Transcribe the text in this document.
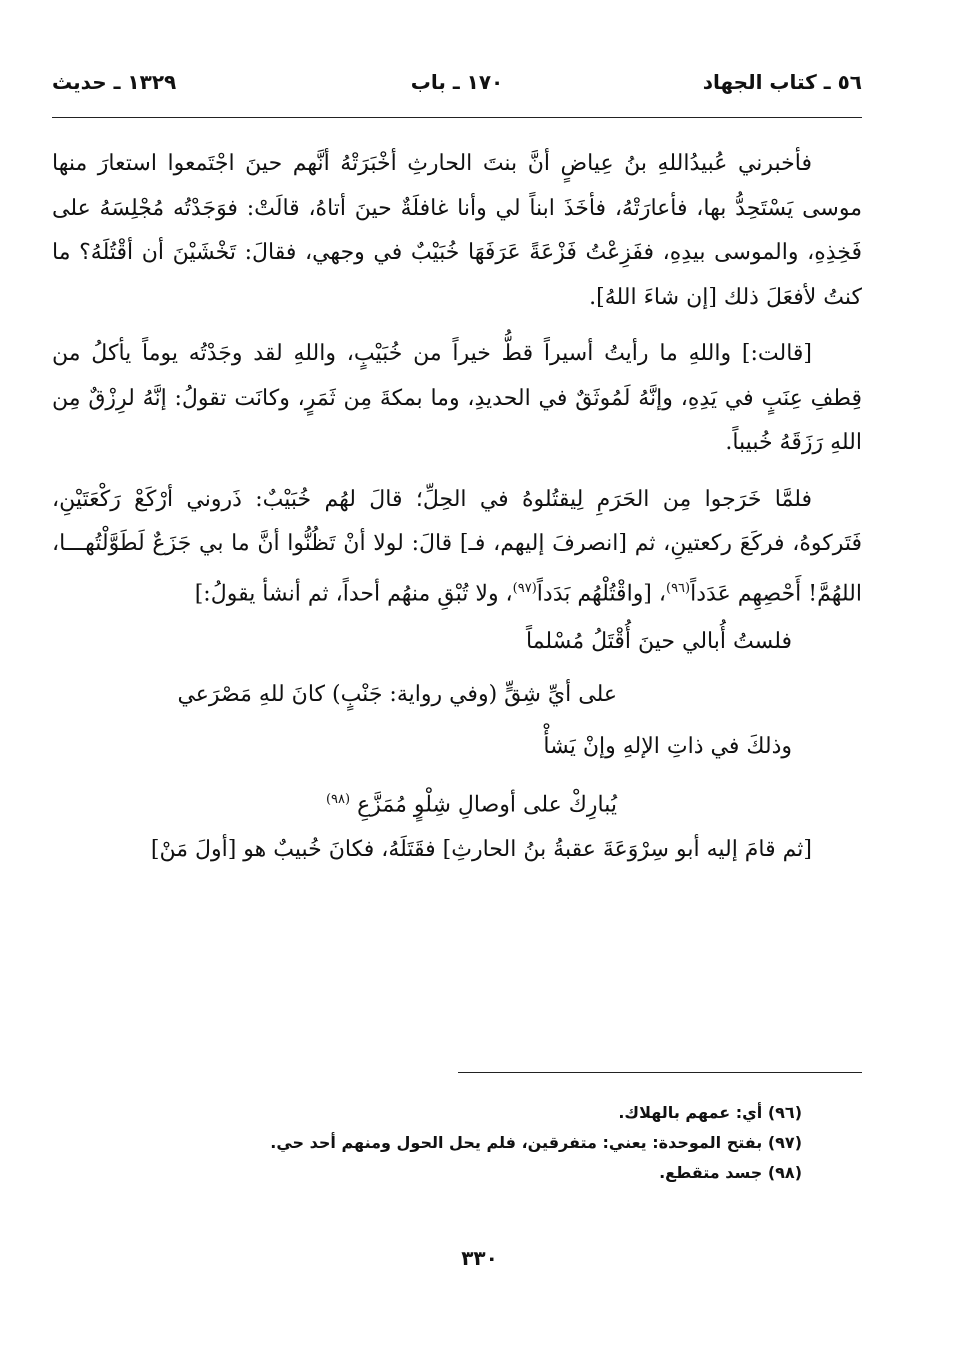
٥٦ ـ كتاب الجهاد
١٧٠ ـ باب
١٣٢٩ ـ حديث

فأخبرني عُبيدُاللهِ بنُ عِياضٍ أنَّ بنتَ الحارثِ أخْبَرَتْهُ أنَّهم حينَ اجْتَمعوا استعارَ منها موسى يَسْتَحِدُّ بها، فأعارَتْهُ، فأخَذَ ابناً لي وأنا غافلَةٌ حينَ أتاهُ، قالَتْ: فوَجَدْتُه مُجْلِسَهُ على فَخِذِهِ، والموسى بيدِهِ، ففَزِعْتُ فَزْعَةً عَرَفَهَا خُبَيْبٌ في وجهي، فقالَ: تَخْشَيْنَ أن أقْتُلَهُ؟ ما كنتُ لأفعَلَ ذلك [إن شاءَ اللهُ].

[قالت:] واللهِ ما رأيتُ أسيراً قطُّ خيراً من خُبَيْبٍ، واللهِ لقد وجَدْتُه يوماً يأكلُ من قِطفِ عِنَبٍ في يَدِهِ، وإنَّهُ لَمُوثَقٌ في الحديدِ، وما بمكةَ مِن ثَمَرٍ، وكانَت تقولُ: إنَّهُ لرِزْقٌ مِن اللهِ رَزَقَهُ خُبيباً.

فلمَّا خَرَجوا مِن الحَرَمِ لِيقتُلوهُ في الحِلِّ؛ قالَ لهُم خُبَيْبٌ: ذَروني أرْكَعْ رَكْعَتَيْنِ، فَتَركوهُ، فركَعَ ركعتينِ، ثم [انصرفَ إليهم، فـ] قالَ: لولا أنْ تَظُنُّوا أنَّ ما بي جَزَعٌ لَطَوَّلْتُهـــا، اللهُمَّ! أَحْصِهِم عَدَداً$^{(٩٦)}$، [واقْتُلْهُم بَدَداً$^{(٩٧)}$، ولا تُبْقِ منهُم أحداً، ثم أنشأ يقولُ:]

فلستُ أُبالي حينَ أُقْتَلُ مُسْلماً
على أيِّ شِقٍّ (وفي رواية: جَنْبٍ) كانَ للهِ مَصْرَعي
وذلكَ في ذاتِ الإلهِ وإنْ يَشأْ
يُبارِكْ على أوصالِ شِلْوٍ مُمَزَّعِ $^{(٩٨)}$

[ثم قامَ إليه أبو سِرْوَعَةَ عقبةُ بنُ الحارثِ] فقَتَلَهُ، فكانَ خُبيبٌ هو [أولَ مَنْ]

(٩٦) أي: عمهم بالهلاك.
(٩٧) بفتح الموحدة: يعني: متفرقين، فلم يحل الحول ومنهم أحد حي.
(٩٨) جسد متقطع.
٣٣٠
